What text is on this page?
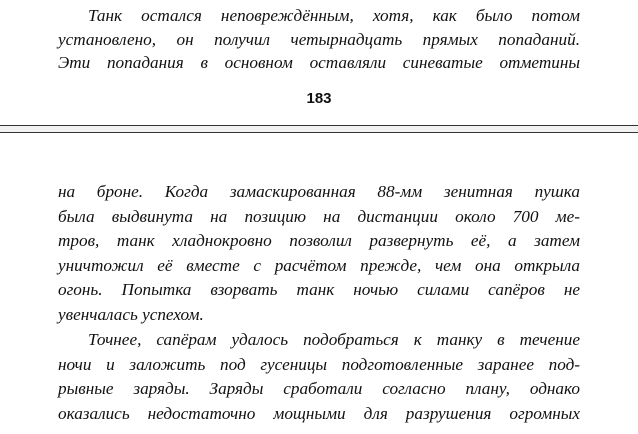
Танк остался неповреждённым, хотя, как было потом
установлено, он получил четырнадцать прямых попаданий.
Эти попадания в основном оставляли синеватые отметины

183

на броне. Когда замаскированная 88-мм зенитная пушка
была выдвинута на позицию на дистанции около 700 ме-
тров, танк хладнокровно позволил развернуть её, а затем
уничтожил её вместе с расчётом прежде, чем она открыла
огонь. Попытка взорвать танк ночью силами сапёров не
увенчалась успехом.

Точнее, сапёрам удалось подобраться к танку в течение
ночи и заложить под гусеницы подготовленные заранее под-
рывные заряды. Заряды сработали согласно плану, однако
оказались недостаточно мощными для разрушения огромных
